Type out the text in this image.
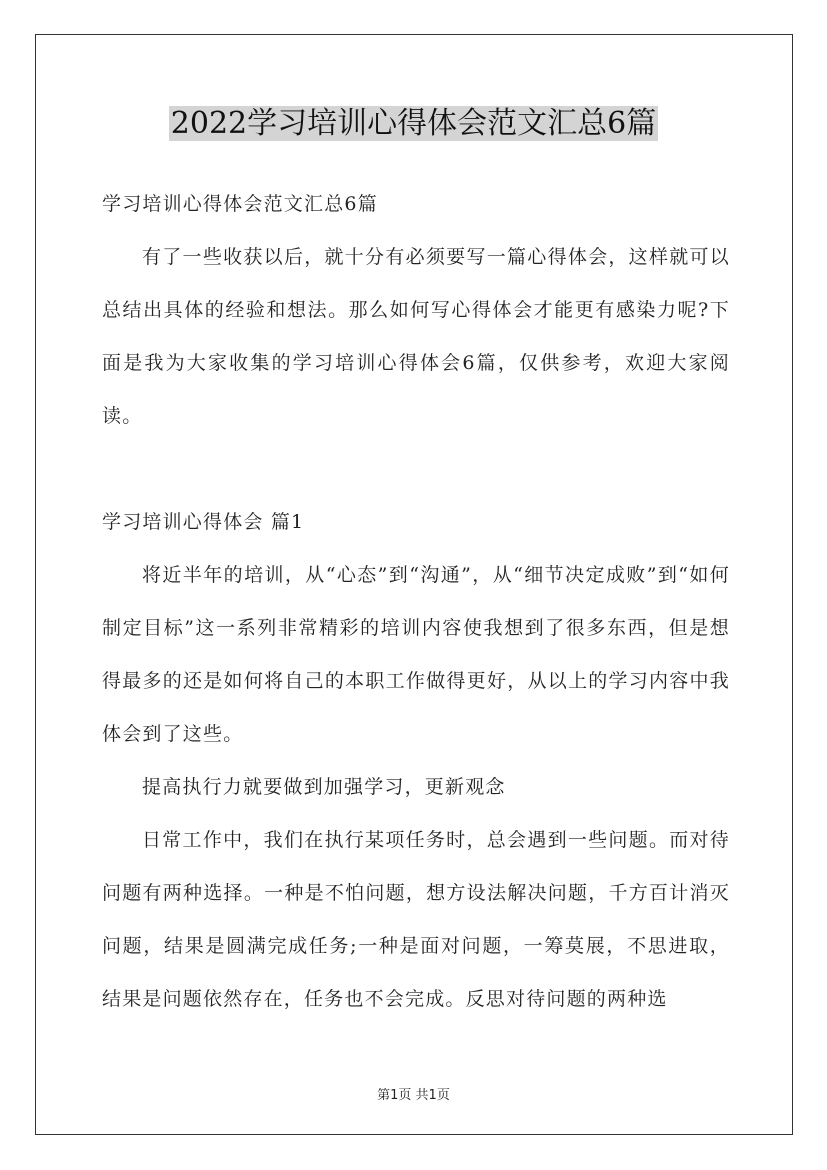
2022学习培训心得体会范文汇总6篇

学习培训心得体会范文汇总6篇

有了一些收获以后，就十分有必须要写一篇心得体会，这样就可以总结出具体的经验和想法。那么如何写心得体会才能更有感染力呢?下面是我为大家收集的学习培训心得体会6篇，仅供参考，欢迎大家阅读。

学习培训心得体会 篇1

将近半年的培训，从“心态”到“沟通”，从“细节决定成败”到“如何制定目标”这一系列非常精彩的培训内容使我想到了很多东西，但是想得最多的还是如何将自己的本职工作做得更好，从以上的学习内容中我体会到了这些。

提高执行力就要做到加强学习，更新观念

日常工作中，我们在执行某项任务时，总会遇到一些问题。而对待问题有两种选择。一种是不怕问题，想方设法解决问题，千方百计消灭问题，结果是圆满完成任务;一种是面对问题，一筹莫展，不思进取，结果是问题依然存在，任务也不会完成。反思对待问题的两种选

第1页 共1页
